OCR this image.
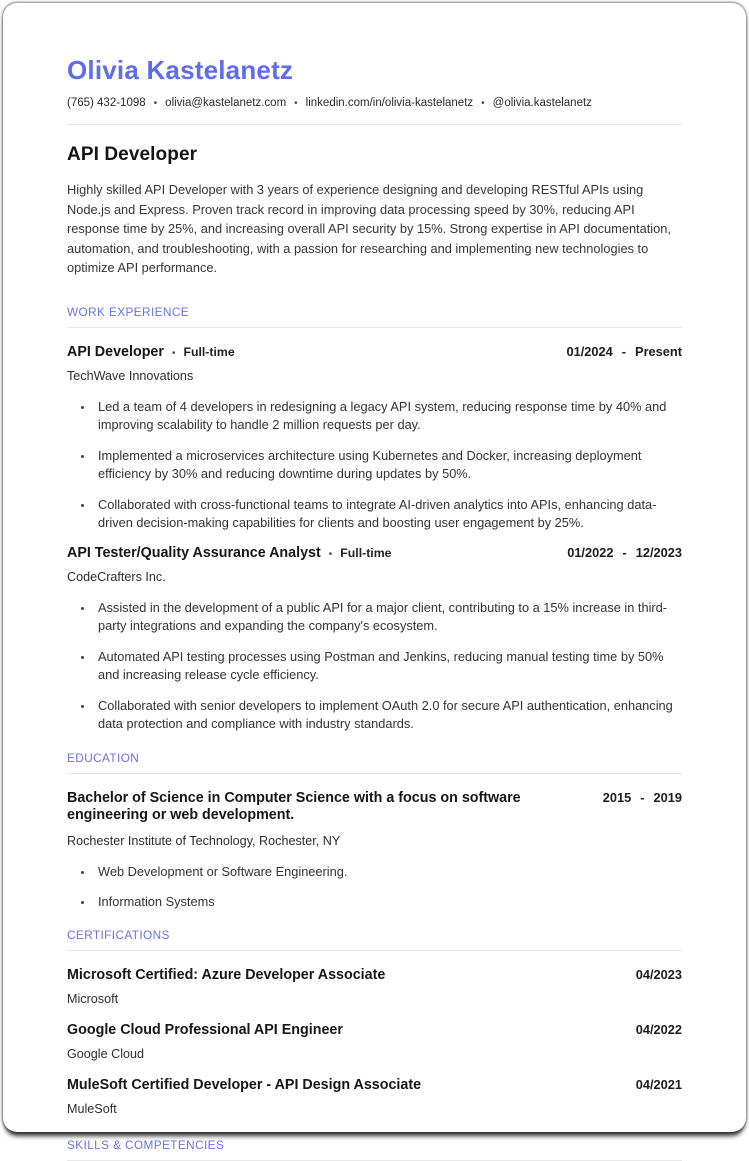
Olivia Kastelanetz
(765) 432-1098 • olivia@kastelanetz.com • linkedin.com/in/olivia-kastelanetz • @olivia.kastelanetz
API Developer

Highly skilled API Developer with 3 years of experience designing and developing RESTful APIs using Node.js and Express. Proven track record in improving data processing speed by 30%, reducing API response time by 25%, and increasing overall API security by 15%. Strong expertise in API documentation, automation, and troubleshooting, with a passion for researching and implementing new technologies to optimize API performance.

WORK EXPERIENCE
API Developer • Full-time	01/2024 - Present
TechWave Innovations
• Led a team of 4 developers in redesigning a legacy API system, reducing response time by 40% and improving scalability to handle 2 million requests per day.
• Implemented a microservices architecture using Kubernetes and Docker, increasing deployment efficiency by 30% and reducing downtime during updates by 50%.
• Collaborated with cross-functional teams to integrate AI-driven analytics into APIs, enhancing data-driven decision-making capabilities for clients and boosting user engagement by 25%.
API Tester/Quality Assurance Analyst • Full-time	01/2022 - 12/2023
CodeCrafters Inc.
• Assisted in the development of a public API for a major client, contributing to a 15% increase in third-party integrations and expanding the company's ecosystem.
• Automated API testing processes using Postman and Jenkins, reducing manual testing time by 50% and increasing release cycle efficiency.
• Collaborated with senior developers to implement OAuth 2.0 for secure API authentication, enhancing data protection and compliance with industry standards.
EDUCATION
Bachelor of Science in Computer Science with a focus on software engineering or web development.
2015 - 2019
Rochester Institute of Technology, Rochester, NY
• Web Development or Software Engineering.
• Information Systems
CERTIFICATIONS
Microsoft Certified: Azure Developer Associate	04/2023
Microsoft
Google Cloud Professional API Engineer	04/2022
Google Cloud
MuleSoft Certified Developer - API Design Associate	04/2021
MuleSoft
SKILLS & COMPETENCIES
